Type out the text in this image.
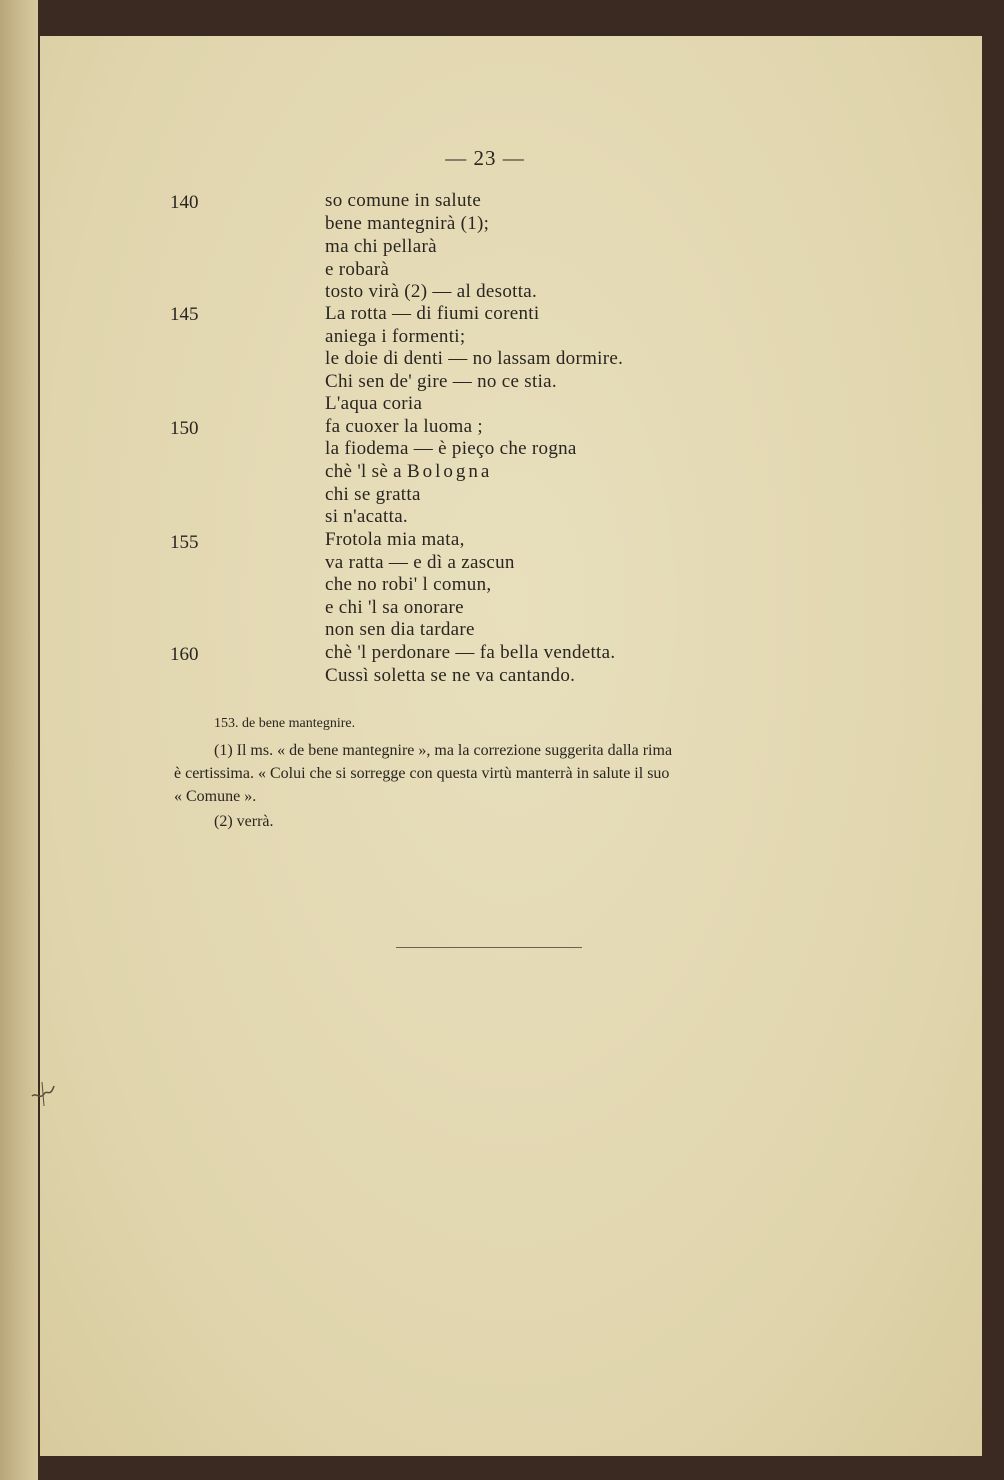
— 23 —
140
145
150
155
160
so comune in salute
bene mantegnirà (1);
ma chi pellarà
e robarà
tosto virà (2) — al desotta.
La rotta — di fiumi corenti
aniega i formenti;
le doie di denti — no lassam dormire.
Chi sen de' gire — no ce stia.
L'aqua coria
fa cuoxer la luoma ;
la fiodema — è pieço che rogna
chè 'l sè a Bologna
chi se gratta
si n'acatta.
Frotola mia mata,
va ratta — e dì a zascun
che no robi' l comun,
e chi 'l sa onorare
non sen dia tardare
chè 'l perdonare — fa bella vendetta.
Cussì soletta se ne va cantando.
153. de bene mantegnire.
(1) Il ms. « de bene mantegnire », ma la correzione suggerita dalla rima
è certissima. « Colui che si sorregge con questa virtù manterrà in salute il suo
« Comune ».
(2) verrà.
